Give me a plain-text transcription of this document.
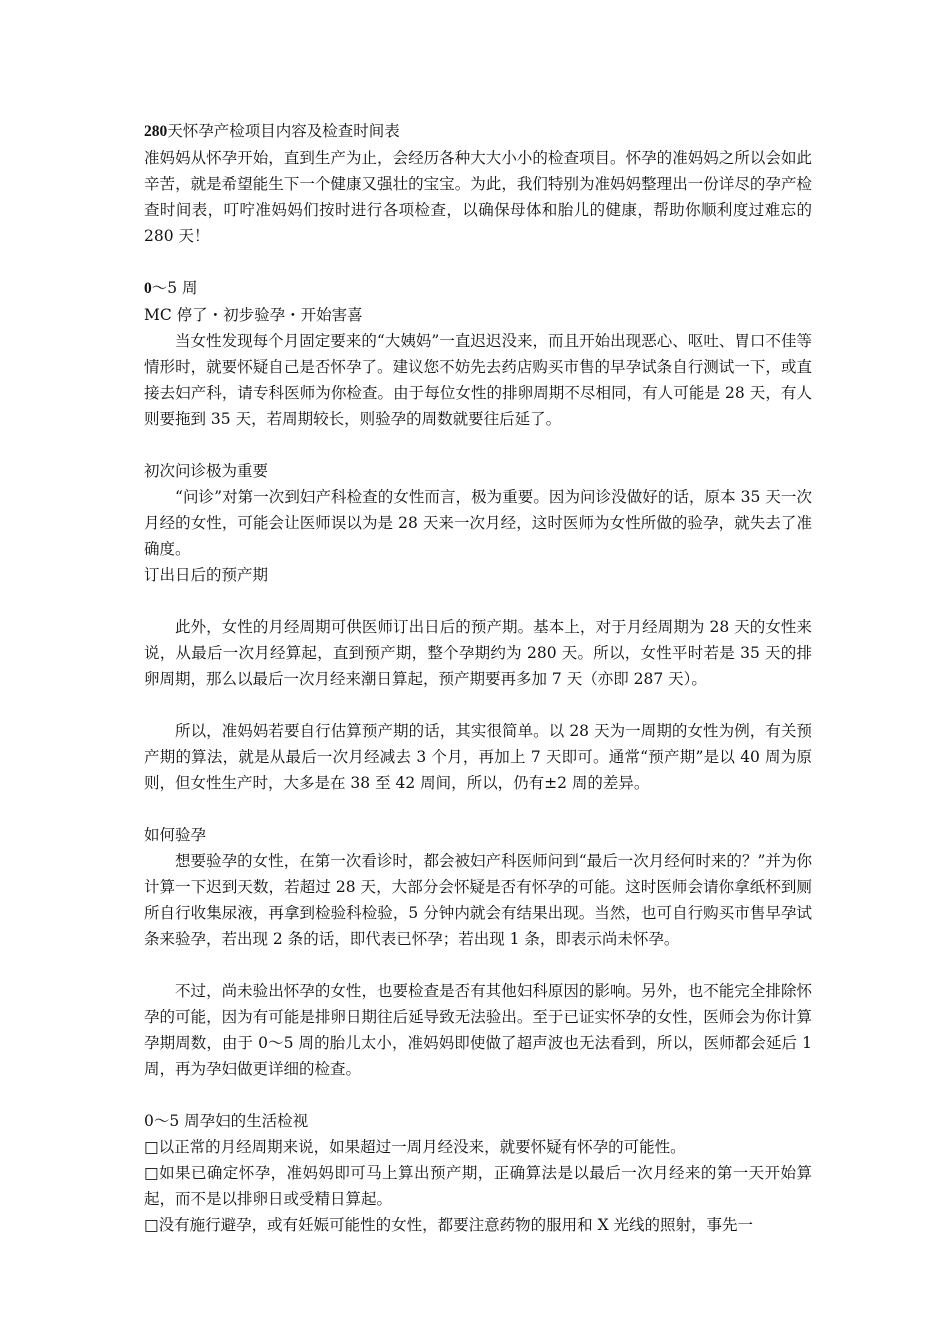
280天怀孕产检项目内容及检查时间表

准妈妈从怀孕开始，直到生产为止，会经历各种大大小小的检查项目。怀孕的准妈妈之所以会如此辛苦，就是希望能生下一个健康又强壮的宝宝。为此，我们特别为准妈妈整理出一份详尽的孕产检查时间表，叮咛准妈妈们按时进行各项检查，以确保母体和胎儿的健康，帮助你顺利度过难忘的 280 天！

0～5 周
MC 停了・初步验孕・开始害喜

当女性发现每个月固定要来的“大姨妈”一直迟迟没来，而且开始出现恶心、呕吐、胃口不佳等情形时，就要怀疑自己是否怀孕了。建议您不妨先去药店购买市售的早孕试条自行测试一下，或直接去妇产科，请专科医师为你检查。由于每位女性的排卵周期不尽相同，有人可能是 28 天，有人则要拖到 35 天，若周期较长，则验孕的周数就要往后延了。

初次问诊极为重要

“问诊”对第一次到妇产科检查的女性而言，极为重要。因为问诊没做好的话，原本 35 天一次月经的女性，可能会让医师误以为是 28 天来一次月经，这时医师为女性所做的验孕，就失去了准确度。

订出日后的预产期

此外，女性的月经周期可供医师订出日后的预产期。基本上，对于月经周期为 28 天的女性来说，从最后一次月经算起，直到预产期，整个孕期约为 280 天。所以，女性平时若是 35 天的排卵周期，那么以最后一次月经来潮日算起，预产期要再多加 7 天（亦即 287 天）。

所以，准妈妈若要自行估算预产期的话，其实很简单。以 28 天为一周期的女性为例，有关预产期的算法，就是从最后一次月经减去 3 个月，再加上 7 天即可。通常“预产期”是以 40 周为原则，但女性生产时，大多是在 38 至 42 周间，所以，仍有±2 周的差异。

如何验孕

想要验孕的女性，在第一次看诊时，都会被妇产科医师问到“最后一次月经何时来的？”并为你计算一下迟到天数，若超过 28 天，大部分会怀疑是否有怀孕的可能。这时医师会请你拿纸杯到厕所自行收集尿液，再拿到检验科检验，5 分钟内就会有结果出现。当然，也可自行购买市售早孕试条来验孕，若出现 2 条的话，即代表已怀孕；若出现 1 条，即表示尚未怀孕。

不过，尚未验出怀孕的女性，也要检查是否有其他妇科原因的影响。另外，也不能完全排除怀孕的可能，因为有可能是排卵日期往后延导致无法验出。至于已证实怀孕的女性，医师会为你计算孕期周数，由于 0～5 周的胎儿太小，准妈妈即使做了超声波也无法看到，所以，医师都会延后 1 周，再为孕妇做更详细的检查。

0～5 周孕妇的生活检视

□以正常的月经周期来说，如果超过一周月经没来，就要怀疑有怀孕的可能性。

□如果已确定怀孕，准妈妈即可马上算出预产期，正确算法是以最后一次月经来的第一天开始算起，而不是以排卵日或受精日算起。

□没有施行避孕，或有妊娠可能性的女性，都要注意药物的服用和 X 光线的照射，事先一
